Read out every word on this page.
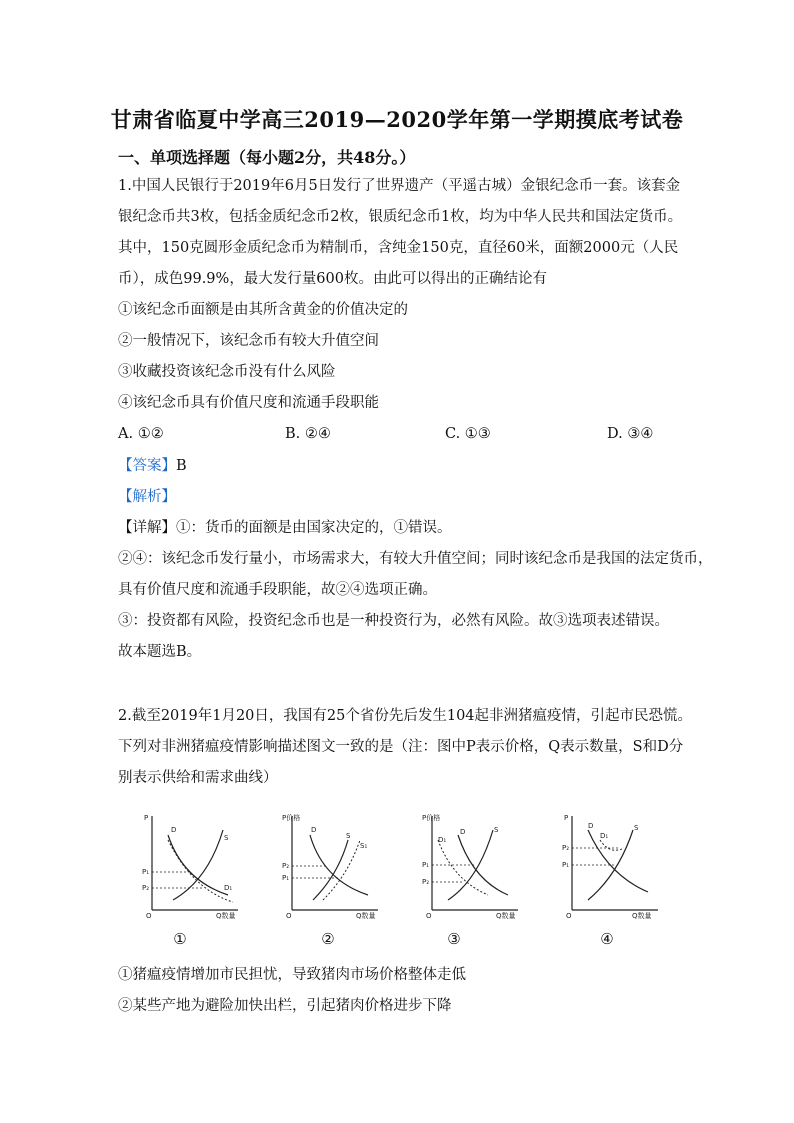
甘肃省临夏中学高三2019—2020学年第一学期摸底考试卷
一、单项选择题（每小题2分，共48分。）
1.中国人民银行于2019年6月5日发行了世界遗产（平遥古城）金银纪念币一套。该套金
银纪念币共3枚，包括金质纪念币2枚，银质纪念币1枚，均为中华人民共和国法定货币。
其中，150克圆形金质纪念币为精制币，含纯金150克，直径60米，面额2000元（人民
币），成色99.9%，最大发行量600枚。由此可以得出的正确结论有
①该纪念币面额是由其所含黄金的价值决定的
②一般情况下，该纪念币有较大升值空间
③收藏投资该纪念币没有什么风险
④该纪念币具有价值尺度和流通手段职能
A. ①②	B. ②④	C. ①③	D. ③④
【答案】B
【解析】
【详解】①：货币的面额是由国家决定的，①错误。
②④：该纪念币发行量小，市场需求大，有较大升值空间；同时该纪念币是我国的法定货币，
具有价值尺度和流通手段职能，故②④选项正确。
③：投资都有风险，投资纪念币也是一种投资行为，必然有风险。故③选项表述错误。
故本题选B。
2.截至2019年1月20日，我国有25个省份先后发生104起非洲猪瘟疫情，引起市民恐慌。
下列对非洲猪瘟疫情影响描述图文一致的是（注：图中P表示价格，Q表示数量，S和D分
别表示供给和需求曲线）
P
O	Q数量
P₁
P₂
D
S
D₁
P价格
O	Q数量
P₂
P₁
D
S
S₁
P价格
O	Q数量
P₁
P₂
D₁
D	S
P
O	Q数量
P₂
P₁
D₁
D	S
①	②	③	④
①猪瘟疫情增加市民担忧，导致猪肉市场价格整体走低
②某些产地为避险加快出栏，引起猪肉价格进步下降
